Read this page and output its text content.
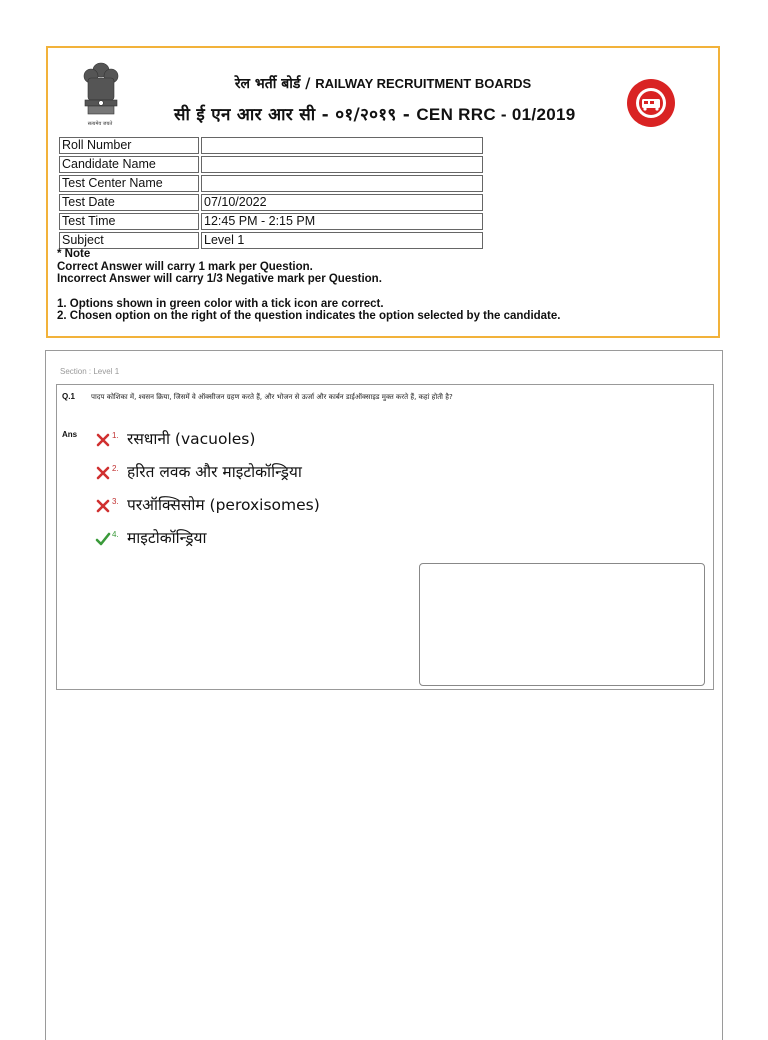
सत्यमेव जयते
रेल भर्ती बोर्ड / RAILWAY RECRUITMENT BOARDS
सी ई एन आर आर सी - ०१/२०१९ - CEN RRC - 01/2019
Roll Number	
Candidate Name	
Test Center Name	
Test Date	07/10/2022
Test Time	12:45 PM - 2:15 PM
Subject	Level 1
* Note
Correct Answer will carry 1 mark per Question.
Incorrect Answer will carry 1/3 Negative mark per Question.
1. Options shown in green color with a tick icon are correct.
2. Chosen option on the right of the question indicates the option selected by the candidate.
Section : Level 1
Q.1 पादप कोशिका में, श्वसन क्रिया, जिसमें वे ऑक्सीजन ग्रहण करते हैं, और भोजन से ऊर्जा और कार्बन डाईऑक्साइड मुक्त करते हैं, कहां होती है?
Ans	1. रसधानी (vacuoles)
2. हरित लवक और माइटोकॉन्ड्रिया
3. परऑक्सिसोम (peroxisomes)
4. माइटोकॉन्ड्रिया
